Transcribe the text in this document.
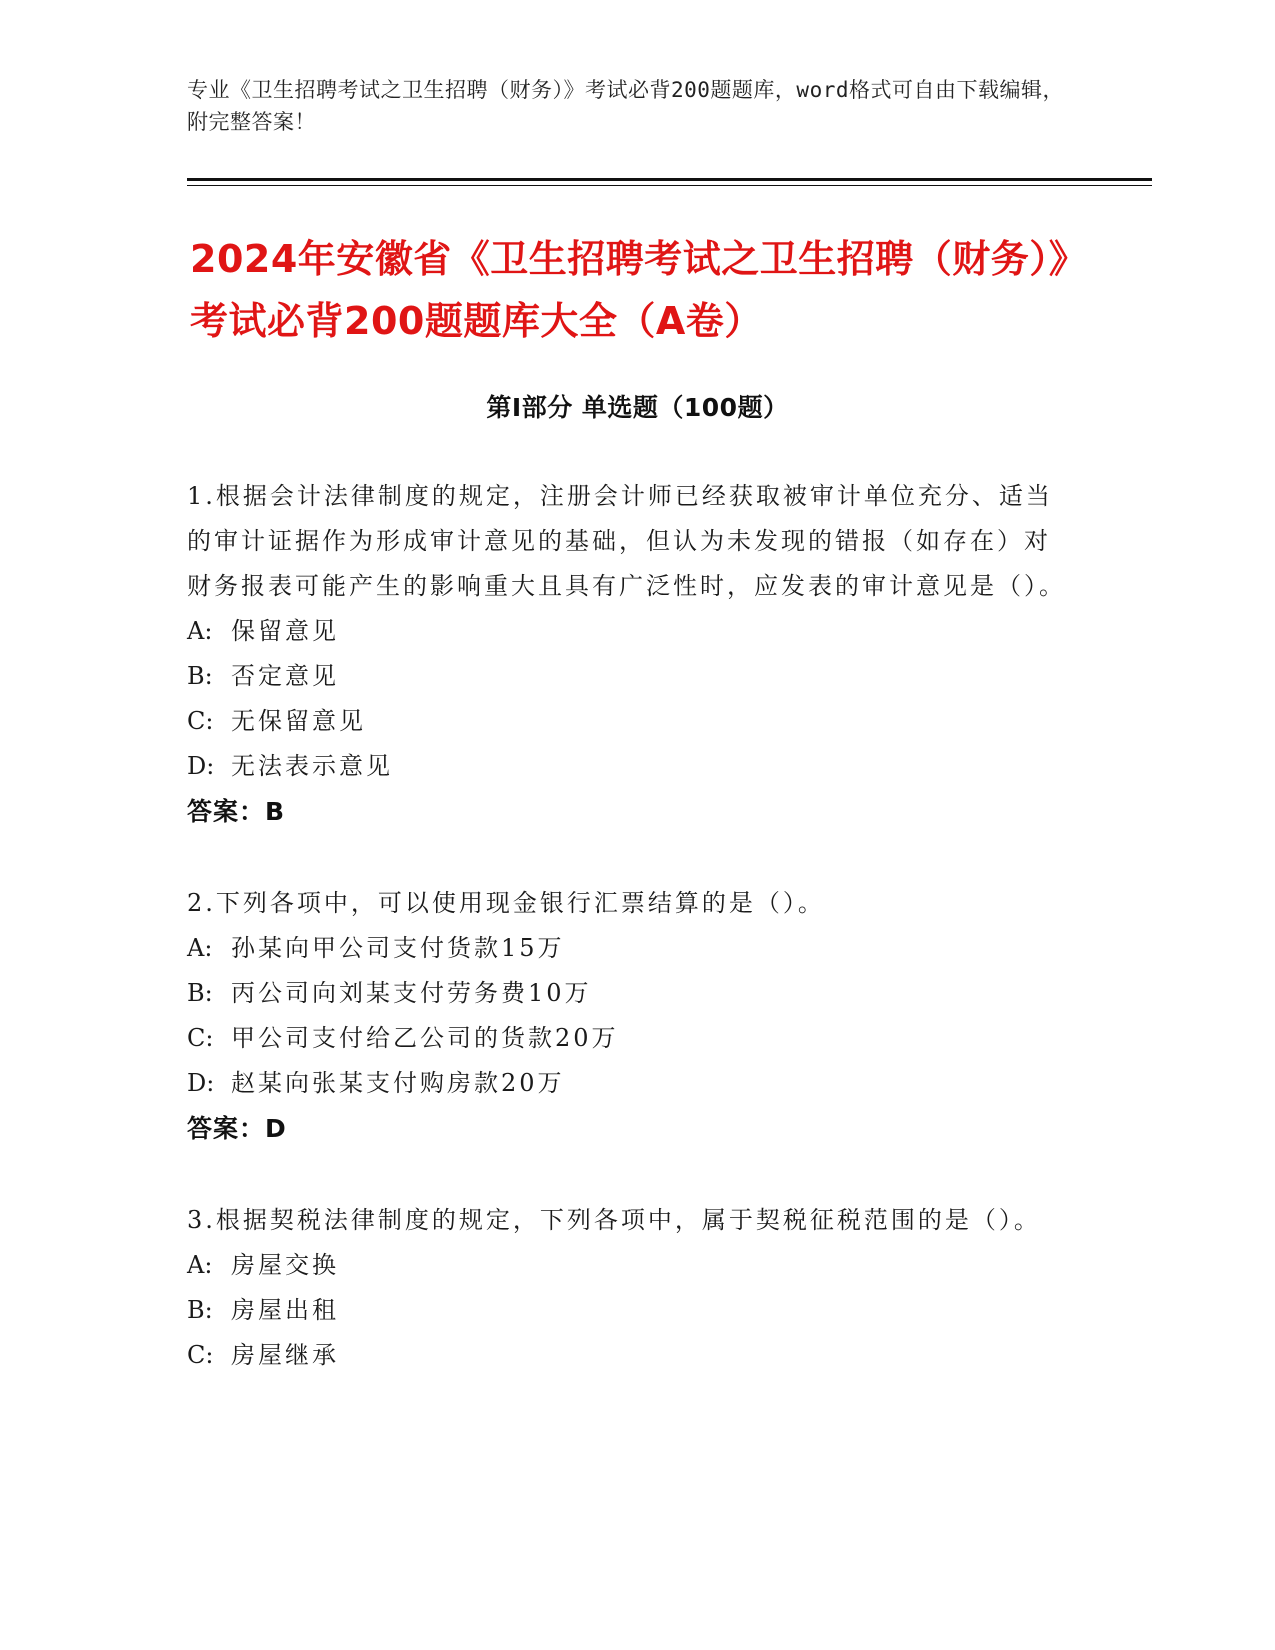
专业《卫生招聘考试之卫生招聘（财务）》考试必背200题题库，word格式可自由下载编辑，附完整答案！
2024年安徽省《卫生招聘考试之卫生招聘（财务）》考试必背200题题库大全（A卷）
第I部分 单选题（100题）

1.根据会计法律制度的规定，注册会计师已经获取被审计单位充分、适当的审计证据作为形成审计意见的基础，但认为未发现的错报（如存在）对财务报表可能产生的影响重大且具有广泛性时，应发表的审计意见是（）。

A: 保留意见
B: 否定意见
C: 无保留意见
D: 无法表示意见
答案：B

2.下列各项中，可以使用现金银行汇票结算的是（）。

A: 孙某向甲公司支付货款15万
B: 丙公司向刘某支付劳务费10万
C: 甲公司支付给乙公司的货款20万
D: 赵某向张某支付购房款20万
答案：D

3.根据契税法律制度的规定，下列各项中，属于契税征税范围的是（）。

A: 房屋交换
B: 房屋出租
C: 房屋继承
